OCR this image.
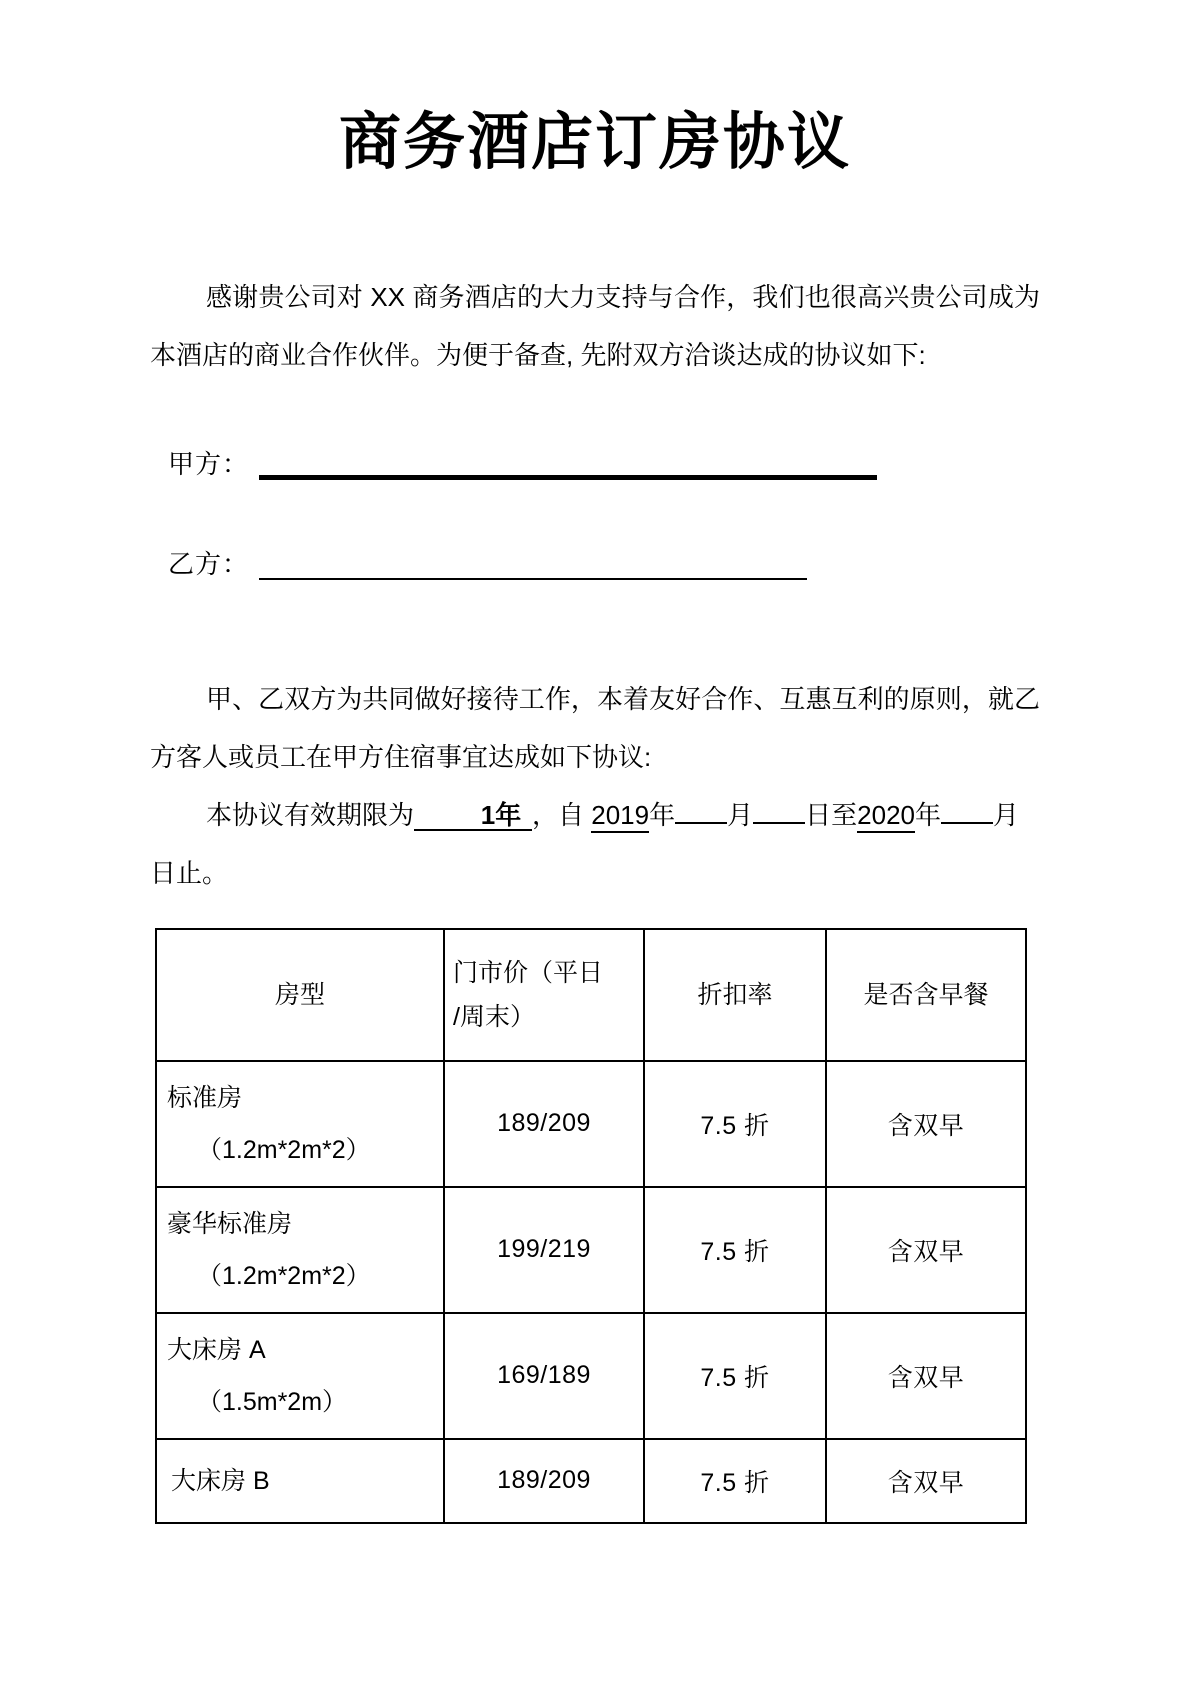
商务酒店订房协议

感谢贵公司对 XX 商务酒店的大力支持与合作，我们也很高兴贵公司成为本酒店的商业合作伙伴。为便于备查, 先附双方洽谈达成的协议如下:

甲方：
乙方：

甲、乙双方为共同做好接待工作，本着友好合作、互惠互利的原则，就乙方客人或员工在甲方住宿事宜达成如下协议:

本协议有效期限为	1年 ，自 2019年 月 日至2020年 月

日止。

房型	门市价（平日
/周末）	折扣率	是否含早餐

标准房
（1.2m*2m*2）	189/209	7.5 折	含双早

豪华标准房
（1.2m*2m*2）	199/219	7.5 折	含双早

大床房 A
（1.5m*2m）	169/189	7.5 折	含双早

大床房 B	189/209	7.5 折	含双早
